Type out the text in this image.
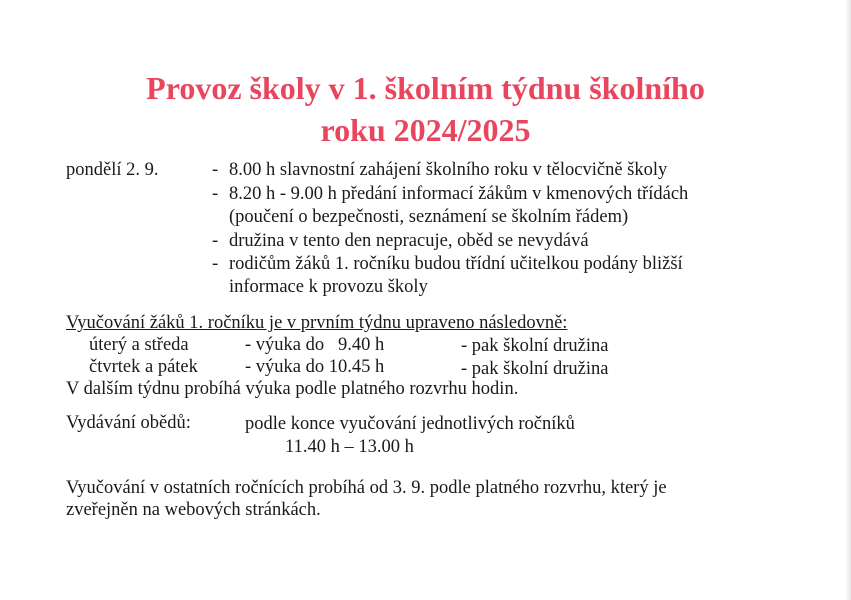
Provoz školy v 1. školním týdnu školního
roku 2024/2025
pondělí 2. 9.	- 8.00 h slavnostní zahájení školního roku v tělocvičně školy
- 8.20 h - 9.00 h předání informací žákům v kmenových třídách
(poučení o bezpečnosti, seznámení se školním řádem)
- družina v tento den nepracuje, oběd se nevydává
- rodičům žáků 1. ročníku budou třídní učitelkou podány bližší
informace k provozu školy
Vyučování žáků 1. ročníku je v prvním týdnu upraveno následovně:
úterý a středa	- výuka do   9.40 h	- pak školní družina
čtvrtek a pátek	- výuka do 10.45 h	- pak školní družina
V dalším týdnu probíhá výuka podle platného rozvrhu hodin.
Vydávání obědů:	podle konce vyučování jednotlivých ročníků
11.40 h – 13.00 h
Vyučování v ostatních ročnících probíhá od 3. 9. podle platného rozvrhu, který je
zveřejněn na webových stránkách.
